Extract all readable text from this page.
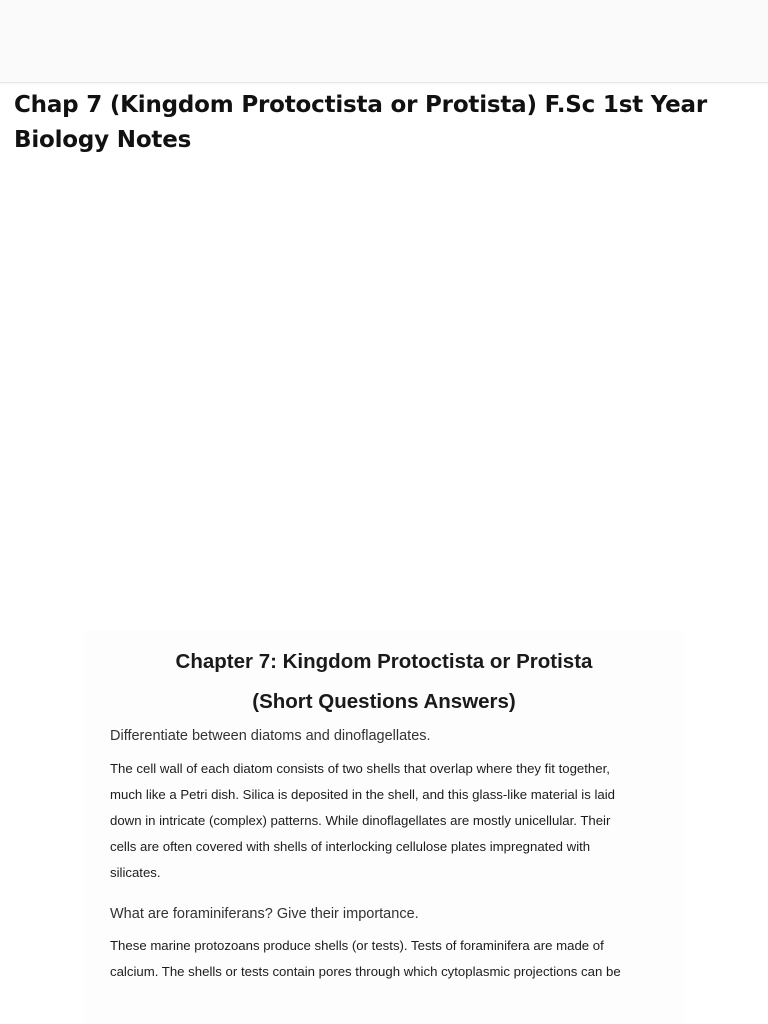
Chap 7 (Kingdom Protoctista or Protista) F.Sc 1st Year Biology Notes
Chapter 7: Kingdom Protoctista or Protista
(Short Questions Answers)

Differentiate between diatoms and dinoflagellates.

The cell wall of each diatom consists of two shells that overlap where they fit together,
much like a Petri dish. Silica is deposited in the shell, and this glass-like material is laid
down in intricate (complex) patterns. While dinoflagellates are mostly unicellular. Their
cells are often covered with shells of interlocking cellulose plates impregnated with
silicates.

What are foraminiferans? Give their importance.

These marine protozoans produce shells (or tests). Tests of foraminifera are made of
calcium. The shells or tests contain pores through which cytoplasmic projections can be
